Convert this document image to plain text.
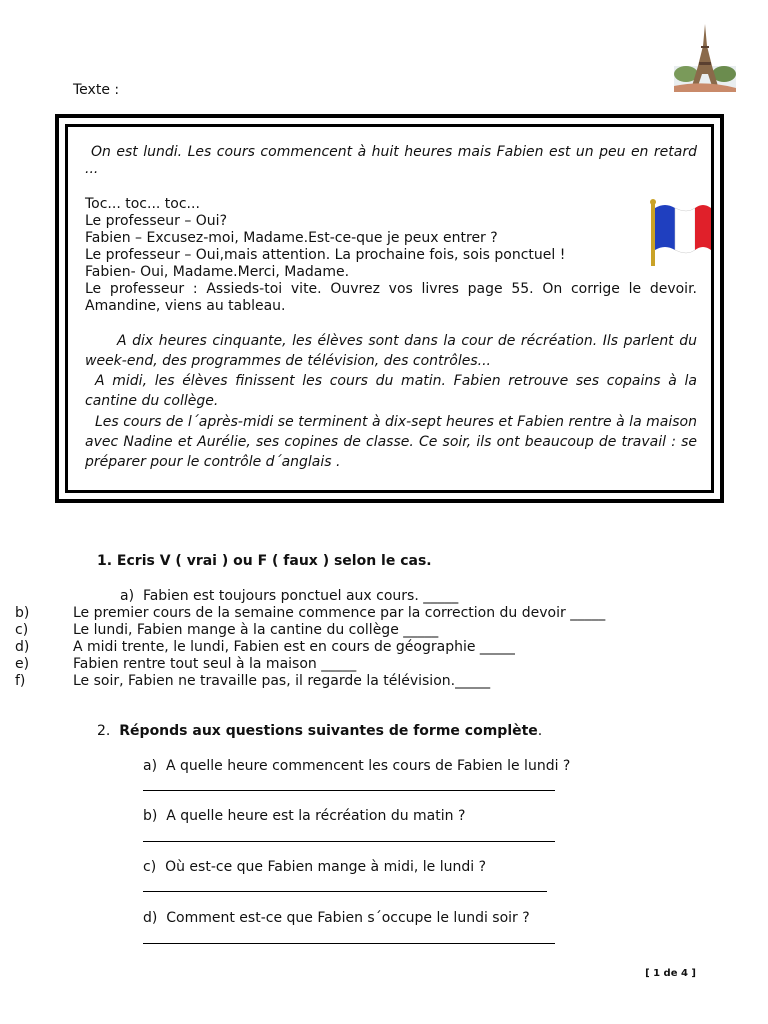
Texte :
On est lundi. Les cours commencent à huit heures mais Fabien est un peu en retard ...
Toc... toc... toc...
Le professeur – Oui?
Fabien – Excusez-moi, Madame.Est-ce-que je peux entrer ?
Le professeur – Oui,mais attention. La prochaine fois, sois ponctuel !
Fabien- Oui, Madame.Merci, Madame.
Le professeur : Assieds-toi vite. Ouvrez vos livres page 55. On corrige le devoir. Amandine, viens au tableau.
A dix heures cinquante, les élèves sont dans la cour de récréation. Ils parlent du week-end, des programmes de télévision, des contrôles...
A midi, les élèves finissent les cours du matin. Fabien retrouve ses copains à la cantine du collège.
Les cours de l´après-midi se terminent à dix-sept heures et Fabien rentre à la maison avec Nadine et Aurélie, ses copines de classe. Ce soir, ils ont beaucoup de travail : se préparer pour le contrôle d´anglais .
1. Ecris V ( vrai ) ou F ( faux ) selon le cas.
a) Fabien est toujours ponctuel aux cours. _____
b)	Le premier cours de la semaine commence par la correction du devoir _____
c)	Le lundi, Fabien mange à la cantine du collège _____
d)	A midi trente, le lundi, Fabien est en cours de géographie _____
e)	Fabien rentre tout seul à la maison _____
f)	Le soir, Fabien ne travaille pas, il regarde la télévision._____
2. Réponds aux questions suivantes de forme complète.
a) A quelle heure commencent les cours de Fabien le lundi ?
b) A quelle heure est la récréation du matin ?
c) Où est-ce que Fabien mange à midi, le lundi ?
d) Comment est-ce que Fabien s´occupe le lundi soir ?
[ 1 de 4 ]
